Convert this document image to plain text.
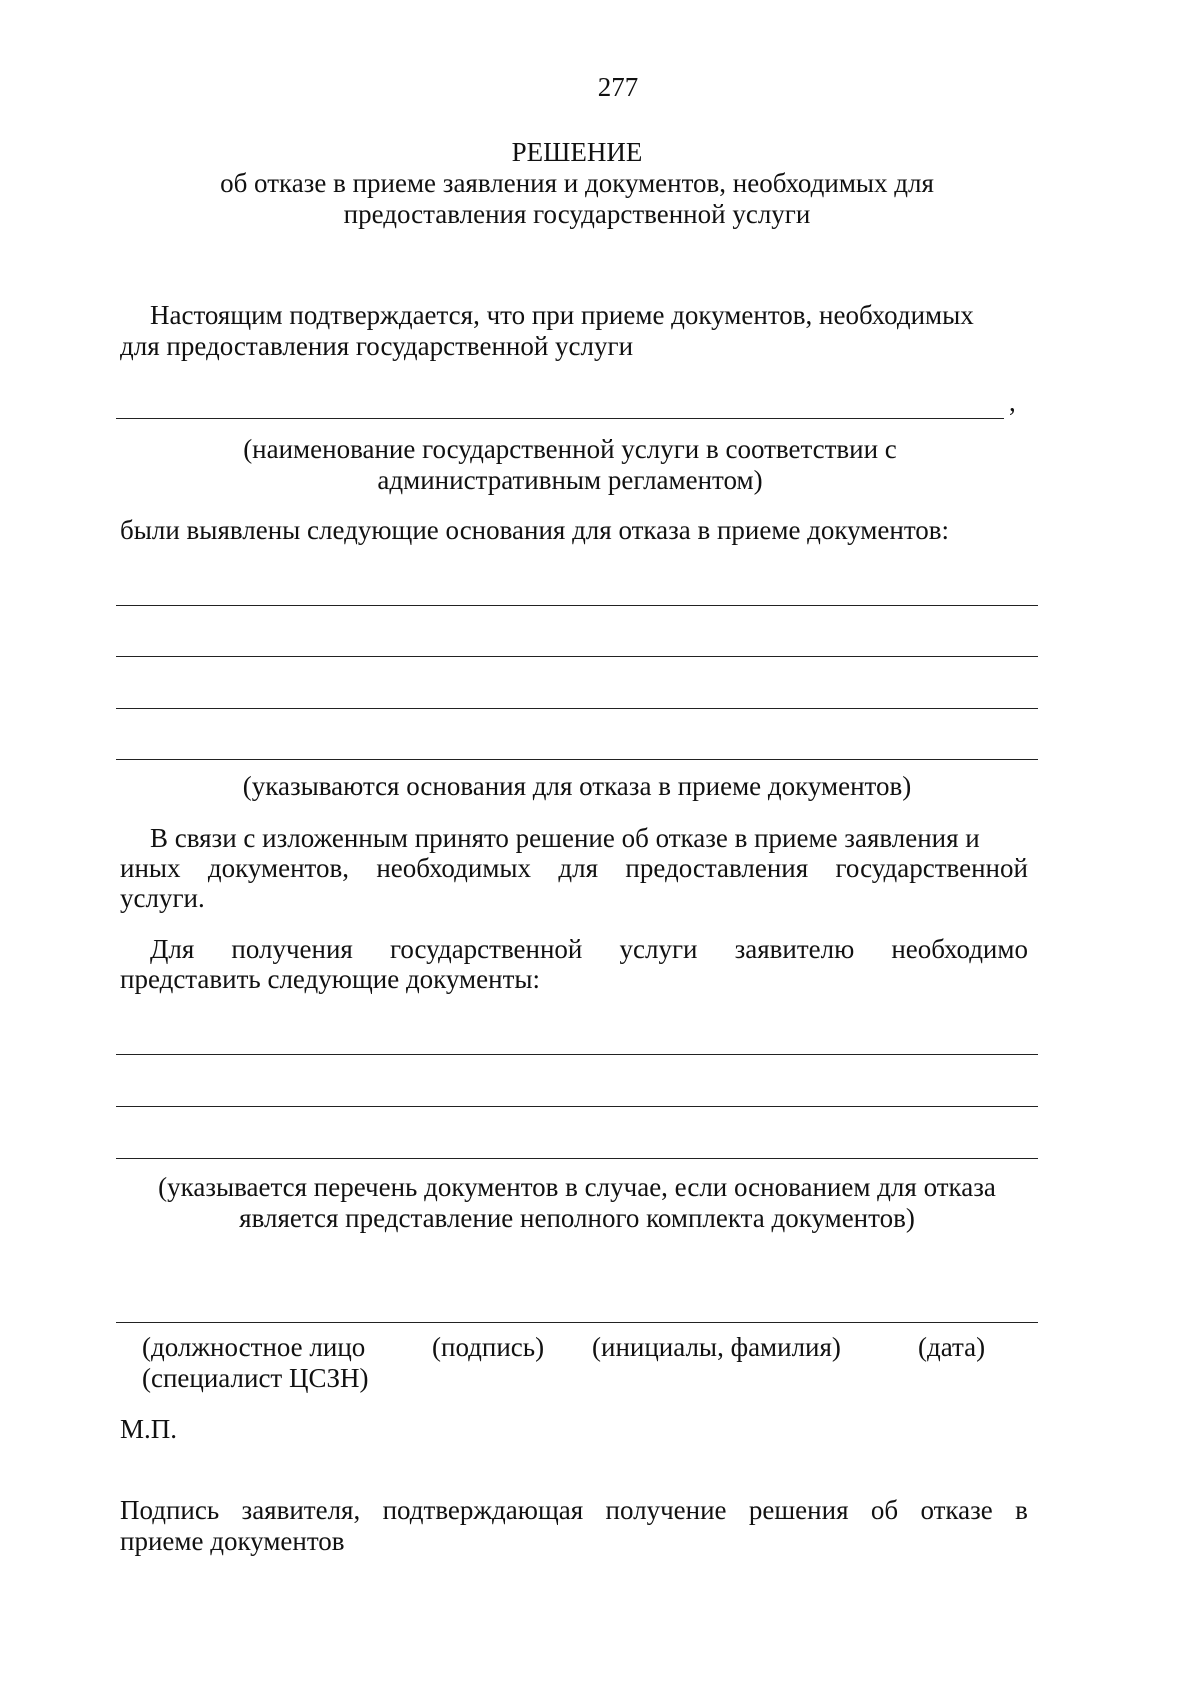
277
РЕШЕНИЕ
об отказе в приеме заявления и документов, необходимых для
предоставления государственной услуги
Настоящим подтверждается, что при приеме документов, необходимых
для предоставления государственной услуги
,
(наименование государственной услуги в соответствии с
административным регламентом)
были выявлены следующие основания для отказа в приеме документов:
(указываются основания для отказа в приеме документов)
В связи с изложенным принято решение об отказе в приеме заявления и
иных документов, необходимых для предоставления государственной
услуги.
Для получения государственной услуги заявителю необходимо
представить следующие документы:
(указывается перечень документов в случае, если основанием для отказа
является представление неполного комплекта документов)
(должностное лицо
(специалист ЦСЗН)
(подпись) (инициалы, фамилия)	(дата)
М.П.
Подпись заявителя, подтверждающая получение решения об отказе в
приеме документов
